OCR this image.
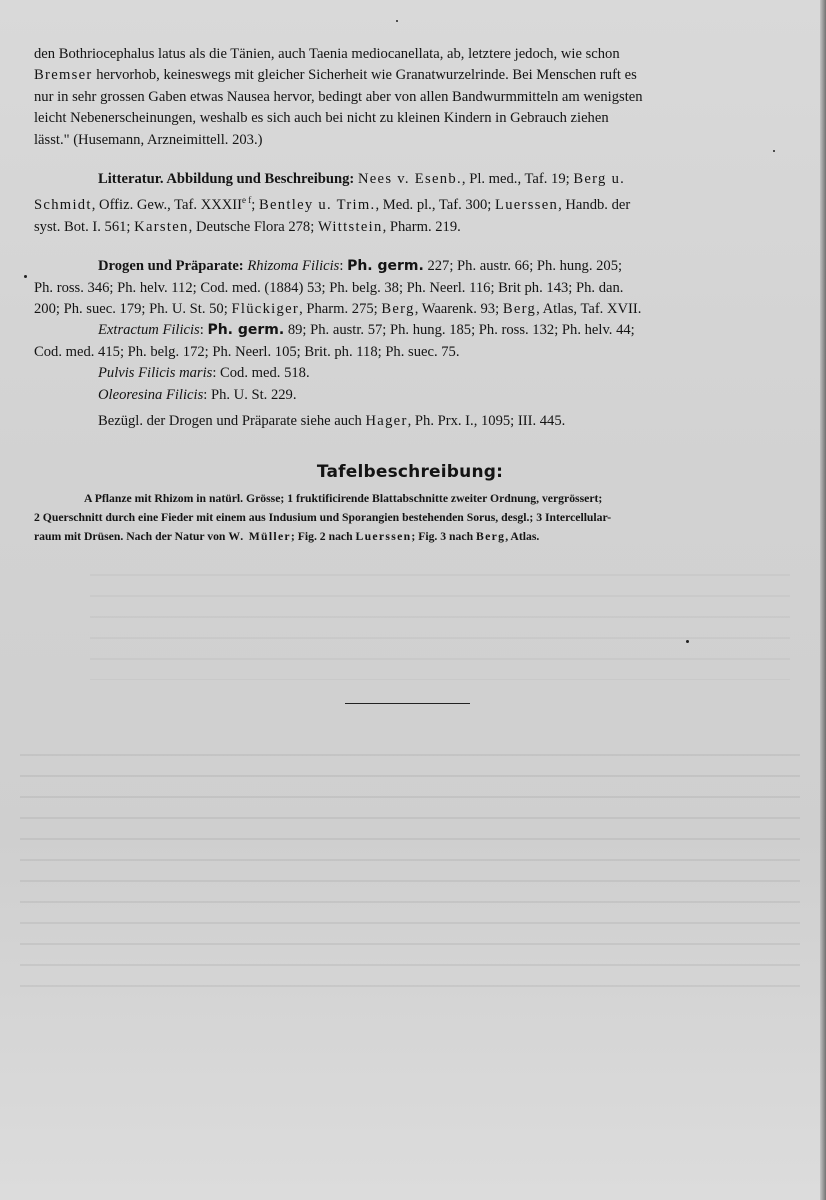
den Bothriocephalus latus als die Tänien, auch Taenia mediocanellata, ab, letztere jedoch, wie schon

Bremser hervorhob, keineswegs mit gleicher Sicherheit wie Granatwurzelrinde. Bei Menschen ruft es

nur in sehr grossen Gaben etwas Nausea hervor, bedingt aber von allen Bandwurmmitteln am wenigsten

leicht Nebenerscheinungen, weshalb es sich auch bei nicht zu kleinen Kindern in Gebrauch ziehen

lässt." (Husemann, Arzneimittell. 203.)

Litteratur. Abbildung und Beschreibung: Nees v. Esenb., Pl. med., Taf. 19; Berg u.

Schmidt, Offiz. Gew., Taf. $XXXII^{e f}$; Bentley u. Trim., Med. pl., Taf. 300; Luerssen, Handb. der

syst. Bot. I. 561; Karsten, Deutsche Flora 278; Wittstein, Pharm. 219.

Drogen und Präparate: Rhizoma Filicis: Ph. germ. 227; Ph. austr. 66; Ph. hung. 205;

Ph. ross. 346; Ph. helv. 112; Cod. med. (1884) 53; Ph. belg. 38; Ph. Neerl. 116; Brit ph. 143; Ph. dan.

200; Ph. suec. 179; Ph. U. St. 50; Flückiger, Pharm. 275; Berg, Waarenk. 93; Berg, Atlas, Taf. XVII.

Extractum Filicis: Ph. germ. 89; Ph. austr. 57; Ph. hung. 185; Ph. ross. 132; Ph. helv. 44;

Cod. med. 415; Ph. belg. 172; Ph. Neerl. 105; Brit. ph. 118; Ph. suec. 75.

Pulvis Filicis maris: Cod. med. 518.

Oleoresina Filicis: Ph. U. St. 229.

Bezügl. der Drogen und Präparate siehe auch Hager, Ph. Prx. I., 1095; III. 445.

Tafelbeschreibung:

A Pflanze mit Rhizom in natürl. Grösse; 1 fruktificirende Blattabschnitte zweiter Ordnung, vergrössert;

2 Querschnitt durch eine Fieder mit einem aus Indusium und Sporangien bestehenden Sorus, desgl.; 3 Intercellular-

raum mit Drüsen. Nach der Natur von W. Müller; Fig. 2 nach Luerssen; Fig. 3 nach Berg, Atlas.
